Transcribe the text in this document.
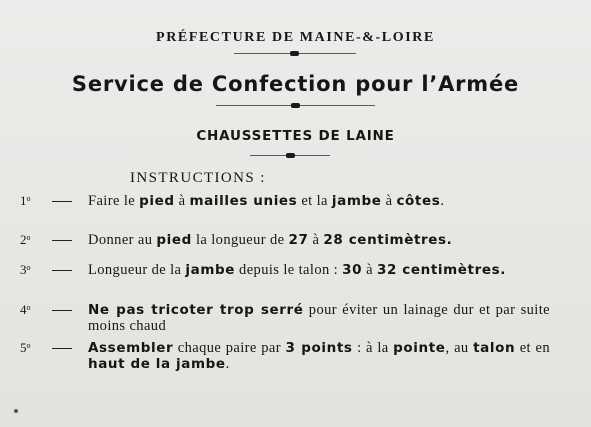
PRÉFECTURE DE MAINE-&-LOIRE
Service de Confection pour l’Armée
CHAUSSETTES DE LAINE
INSTRUCTIONS :
1$^o$	Faire le pied à mailles unies et la jambe à côtes.
2$^o$	Donner au pied la longueur de 27 à 28 centimètres.
3$^o$	Longueur de la jambe depuis le talon : 30 à 32 centimètres.
4$^o$	Ne pas tricoter trop serré pour éviter un lainage dur et par suite moins chaud
5$^o$	Assembler chaque paire par 3 points : à la pointe, au talon et en haut de la jambe.
